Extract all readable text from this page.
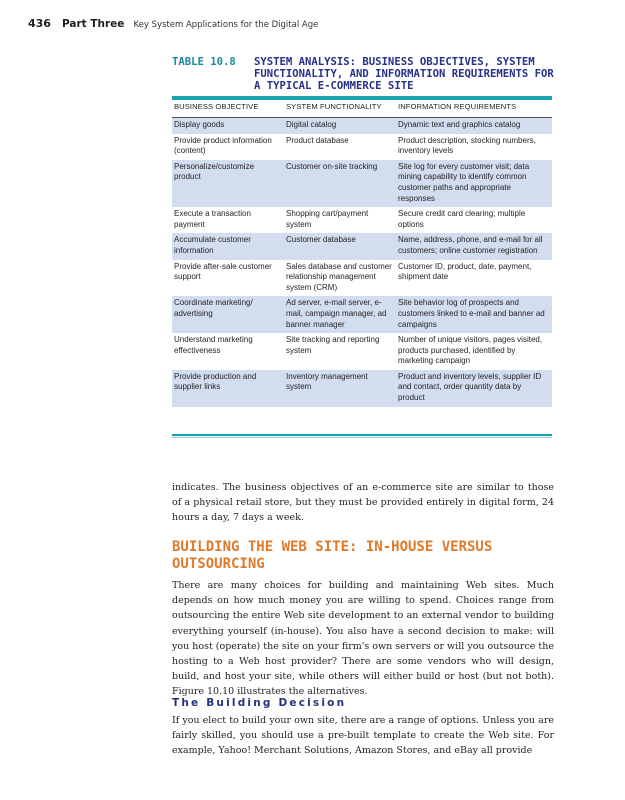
436 Part Three Key System Applications for the Digital Age
TABLE 10.8 SYSTEM ANALYSIS: BUSINESS OBJECTIVES, SYSTEM FUNCTIONALITY, AND INFORMATION REQUIREMENTS FOR A TYPICAL E-COMMERCE SITE
BUSINESS OBJECTIVE	SYSTEM FUNCTIONALITY	INFORMATION REQUIREMENTS
Display goods	Digital catalog	Dynamic text and graphics catalog
Provide product information (content)	Product database	Product description, stocking numbers, inventory levels
Personalize/customize product	Customer on-site tracking	Site log for every customer visit; data mining capability to identify common customer paths and appropriate responses
Execute a transaction payment	Shopping cart/payment system	Secure credit card clearing; multiple options
Accumulate customer information	Customer database	Name, address, phone, and e-mail for all customers; online customer registration
Provide after-sale customer support	Sales database and customer relationship management system (CRM)	Customer ID, product, date, payment, shipment date
Coordinate marketing/ advertising	Ad server, e-mail server, e-mail, campaign manager, ad banner manager	Site behavior log of prospects and customers linked to e-mail and banner ad campaigns
Understand marketing effectiveness	Site tracking and reporting system	Number of unique visitors, pages visited, products purchased, identified by marketing campaign
Provide production and supplier links	Inventory management system	Product and inventory levels, supplier ID and contact, order quantity data by product

indicates. The business objectives of an e-commerce site are similar to those of a physical retail store, but they must be provided entirely in digital form, 24 hours a day, 7 days a week.

BUILDING THE WEB SITE: IN-HOUSE VERSUS OUTSOURCING

There are many choices for building and maintaining Web sites. Much depends on how much money you are willing to spend. Choices range from outsourcing the entire Web site development to an external vendor to building everything yourself (in-house). You also have a second decision to make: will you host (operate) the site on your firm's own servers or will you outsource the hosting to a Web host provider? There are some vendors who will design, build, and host your site, while others will either build or host (but not both). Figure 10.10 illustrates the alternatives.

The Building Decision

If you elect to build your own site, there are a range of options. Unless you are fairly skilled, you should use a pre-built template to create the Web site. For example, Yahoo! Merchant Solutions, Amazon Stores, and eBay all provide
